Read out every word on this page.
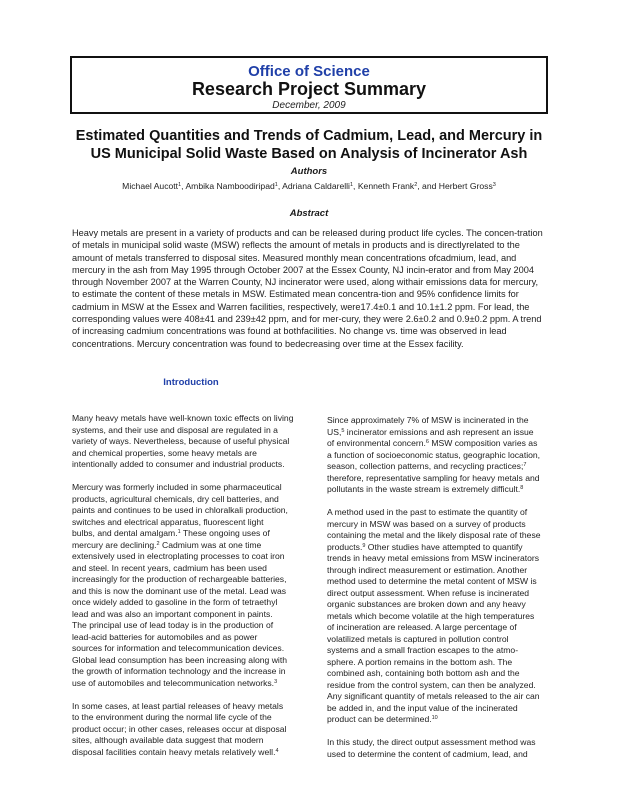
Office of Science
Research Project Summary
December, 2009
Estimated Quantities and Trends of Cadmium, Lead, and Mercury in
US Municipal Solid Waste Based on Analysis of Incinerator Ash
Authors
Michael Aucott$^1$, Ambika Namboodiripad$^1$, Adriana Caldarelli$^1$, Kenneth Frank$^2$, and Herbert Gross$^3$
Abstract
Heavy metals are present in a variety of products and can be released during product life cycles. The concen-tration of metals in municipal solid waste (MSW) reflects the amount of metals in products and is directlyrelated to the amount of metals transferred to disposal sites. Measured monthly mean concentrations ofcadmium, lead, and mercury in the ash from May 1995 through October 2007 at the Essex County, NJ incin-erator and from May 2004 through November 2007 at the Warren County, NJ incinerator were used, along withair emissions data for mercury, to estimate the content of these metals in MSW. Estimated mean concentra-tion and 95% confidence limits for cadmium in MSW at the Essex and Warren facilities, respectively, were17.4±0.1 and 10.1±1.2 ppm. For lead, the corresponding values were 408±41 and 239±42 ppm, and for mer-cury, they were 2.6±0.2 and 0.9±0.2 ppm. A trend of increasing cadmium concentrations was found at bothfacilities. No change vs. time was observed in lead concentrations. Mercury concentration was found to bedecreasing over time at the Essex facility.
Introduction

Many heavy metals have well-known toxic effects on living
systems, and their use and disposal are regulated in a
variety of ways. Nevertheless, because of useful physical
and chemical properties, some heavy metals are
intentionally added to consumer and industrial products.

Mercury was formerly included in some pharmaceutical
products, agricultural chemicals, dry cell batteries, and
paints and continues to be used in chloralkali production,
switches and electrical apparatus, fluorescent light
bulbs, and dental amalgam.$^1$ These ongoing uses of
mercury are declining.$^2$ Cadmium was at one time
extensively used in electroplating processes to coat iron
and steel. In recent years, cadmium has been used
increasingly for the production of rechargeable batteries,
and this is now the dominant use of the metal. Lead was
once widely added to gasoline in the form of tetraethyl
lead and was also an important component in paints.
The principal use of lead today is in the production of
lead-acid batteries for automobiles and as power
sources for information and telecommunication devices.
Global lead consumption has been increasing along with
the growth of information technology and the increase in
use of automobiles and telecommunication networks.$^3$

In some cases, at least partial releases of heavy metals
to the environment during the normal life cycle of the
product occur; in other cases, releases occur at disposal
sites, although available data suggest that modern
disposal facilities contain heavy metals relatively well.$^4$

Since approximately 7% of MSW is incinerated in the
US,$^5$ incinerator emissions and ash represent an issue
of environmental concern.$^6$ MSW composition varies as
a function of socioeconomic status, geographic location,
season, collection patterns, and recycling practices;$^7$
therefore, representative sampling for heavy metals and
pollutants in the waste stream is extremely difficult.$^8$

A method used in the past to estimate the quantity of
mercury in MSW was based on a survey of products
containing the metal and the likely disposal rate of these
products.$^9$ Other studies have attempted to quantify
trends in heavy metal emissions from MSW incinerators
through indirect measurement or estimation. Another
method used to determine the metal content of MSW is
direct output assessment. When refuse is incinerated
organic substances are broken down and any heavy
metals which become volatile at the high temperatures
of incineration are released. A large percentage of
volatilized metals is captured in pollution control
systems and a small fraction escapes to the atmo-
sphere. A portion remains in the bottom ash. The
combined ash, containing both bottom ash and the
residue from the control system, can then be analyzed.
Any significant quantity of metals released to the air can
be added in, and the input value of the incinerated
product can be determined.$^{10}$

In this study, the direct output assessment method was
used to determine the content of cadmium, lead, and
